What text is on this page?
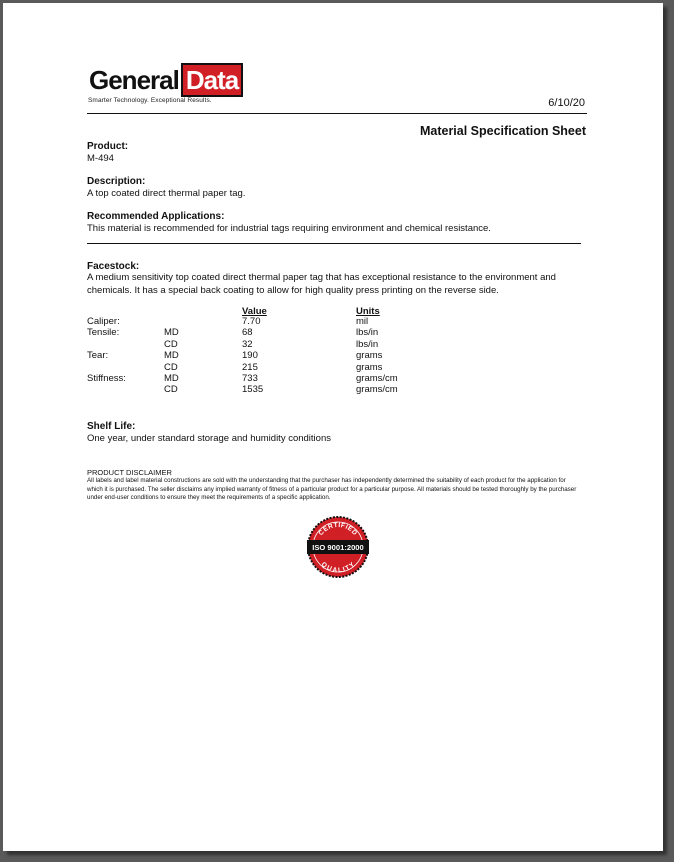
General Data
Smarter Technology. Exceptional Results.	6/10/20
Material Specification Sheet
Product:
M-494
Description:
A top coated direct thermal paper tag.
Recommended Applications:
This material is recommended for industrial tags requiring environment and chemical resistance.
Facestock:
A medium sensitivity top coated direct thermal paper tag that has exceptional resistance to the environment and chemicals. It has a special back coating to allow for high quality press printing on the reverse side.
Value	Units
Caliper:
Tensile:
Tear:
Stiffness:
MD
CD
MD
CD
MD
CD
7.70
68
32
190
215
733
1535
mil
lbs/in
lbs/in
grams
grams
grams/cm
grams/cm
Shelf Life:
One year, under standard storage and humidity conditions
PRODUCT DISCLAIMER
All labels and label material constructions are sold with the understanding that the purchaser has independently determined the suitability of each product for the application for which it is purchased. The seller disclaims any implied warranty of fitness of a particular product for a particular purpose. All materials should be tested thoroughly by the purchaser under end-user conditions to ensure they meet the requirements of a specific application.
CERTIFIED
QUALITY
ISO 9001:2000
